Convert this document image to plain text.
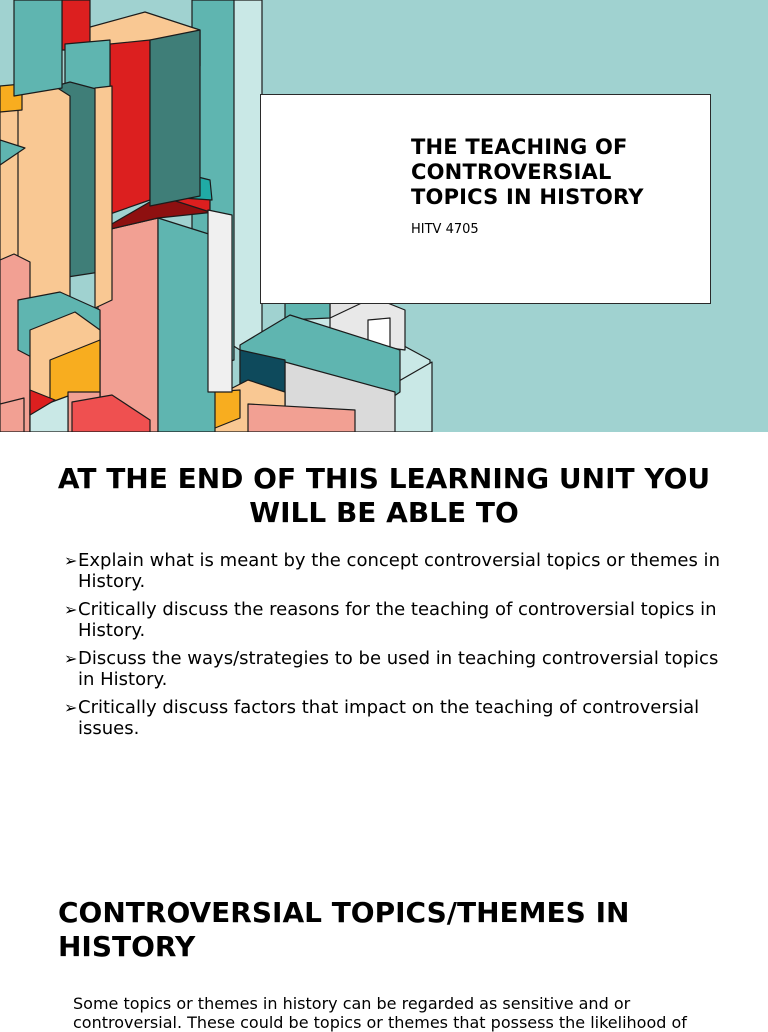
THE TEACHING OF CONTROVERSIAL TOPICS IN HISTORY
HITV 4705
AT THE END OF THIS LEARNING UNIT YOU WILL BE ABLE TO
➢ Explain what is meant by the concept controversial topics or themes in History.
➢ Critically discuss the reasons for the teaching of controversial topics in History.
➢ Discuss the ways/strategies to be used in teaching controversial topics in History.
➢ Critically discuss factors that impact on the teaching of controversial issues.
CONTROVERSIAL TOPICS/THEMES IN HISTORY
Some topics or themes in history can be regarded as sensitive and or controversial. These could be topics or themes that possess the likelihood of
